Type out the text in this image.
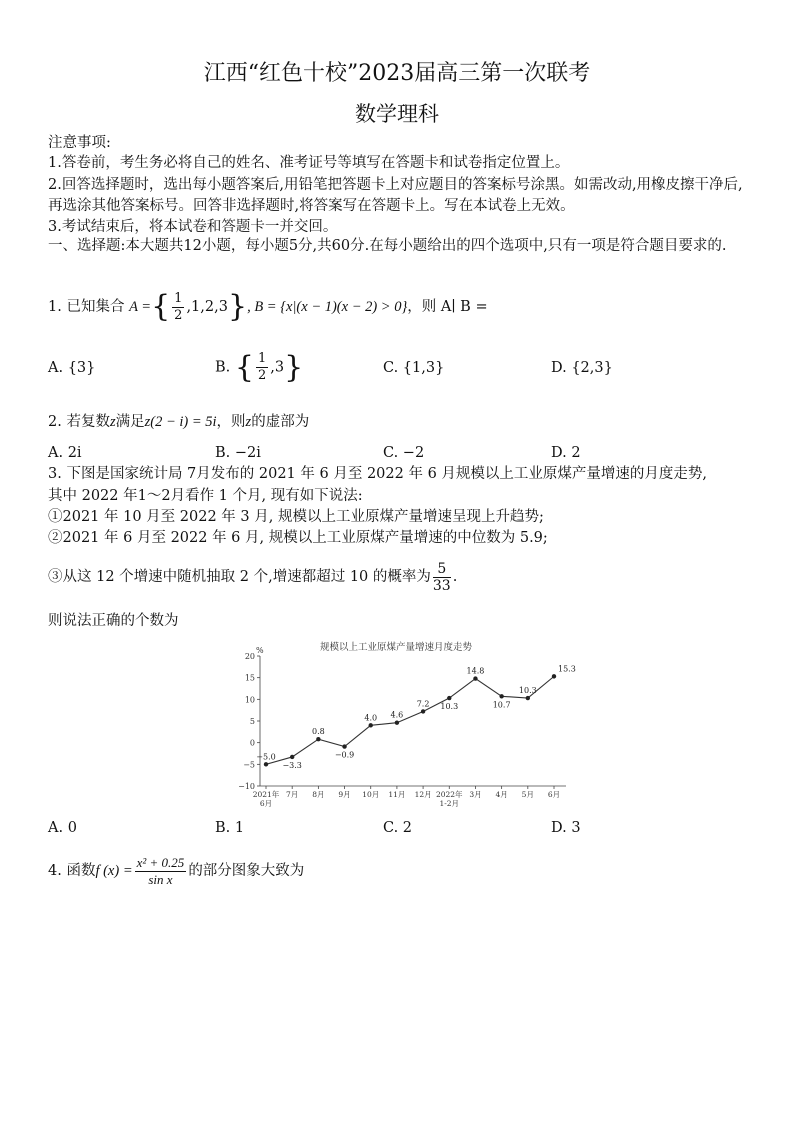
江西“红色十校”2023届高三第一次联考
数学理科
注意事项:
1.答卷前，考生务必将自己的姓名、准考证号等填写在答题卡和试卷指定位置上。
2.回答选择题时，选出每小题答案后,用铅笔把答题卡上对应题目的答案标号涂黑。如需改动,用橡皮擦干净后,再选涂其他答案标号。回答非选择题时,将答案写在答题卡上。写在本试卷上无效。
3.考试结束后，将本试卷和答题卡一并交回。
一、选择题:本大题共12小题，每小题5分,共60分.在每小题给出的四个选项中,只有一项是符合题目要求的.
1. 已知集合 A ={ $\frac{1}{2} ,1,2,3$}, B = {x|(x − 1)(x − 2) > 0}，则 A∣ B =
A. {3}	B. { $\frac{1}{2} ,3$}	C. {1,3}	D. {2,3}
2. 若复数z满足z(2 − i) = 5i，则z的虚部为
A. 2i	B. −2i	C. −2	D. 2
3. 下图是国家统计局 7月发布的 2021 年 6 月至 2022 年 6 月规模以上工业原煤产量增速的月度走势,
其中 2022 年1～2月看作 1 个月, 现有如下说法:
①2021 年 10 月至 2022 年 3 月, 规模以上工业原煤产量增速呈现上升趋势;
②2021 年 6 月至 2022 年 6 月, 规模以上工业原煤产量增速的中位数为 5.9;
③从这 12 个增速中随机抽取 2 个,增速都超过 10 的概率为 $\frac{5}{33}$ .
则说法正确的个数为
规模以上工业原煤产量增速月度走势
%
20
15
10
5
0
−5
−10
2021年
6月
7月 8月 9月 10月 11月 12月 2022年
1-2月
3月 4月 5月 6月
−5.0
−3.3
0.8
−0.9
4.0 4.6
7.2 10.3
14.8
10.7
10.3
15.3
A. 0	B. 1	C. 2	D. 3
4. 函数f $(x) = \frac{\text{x² + 0.25}}{\text{sin x}}$ 的部分图象大致为
